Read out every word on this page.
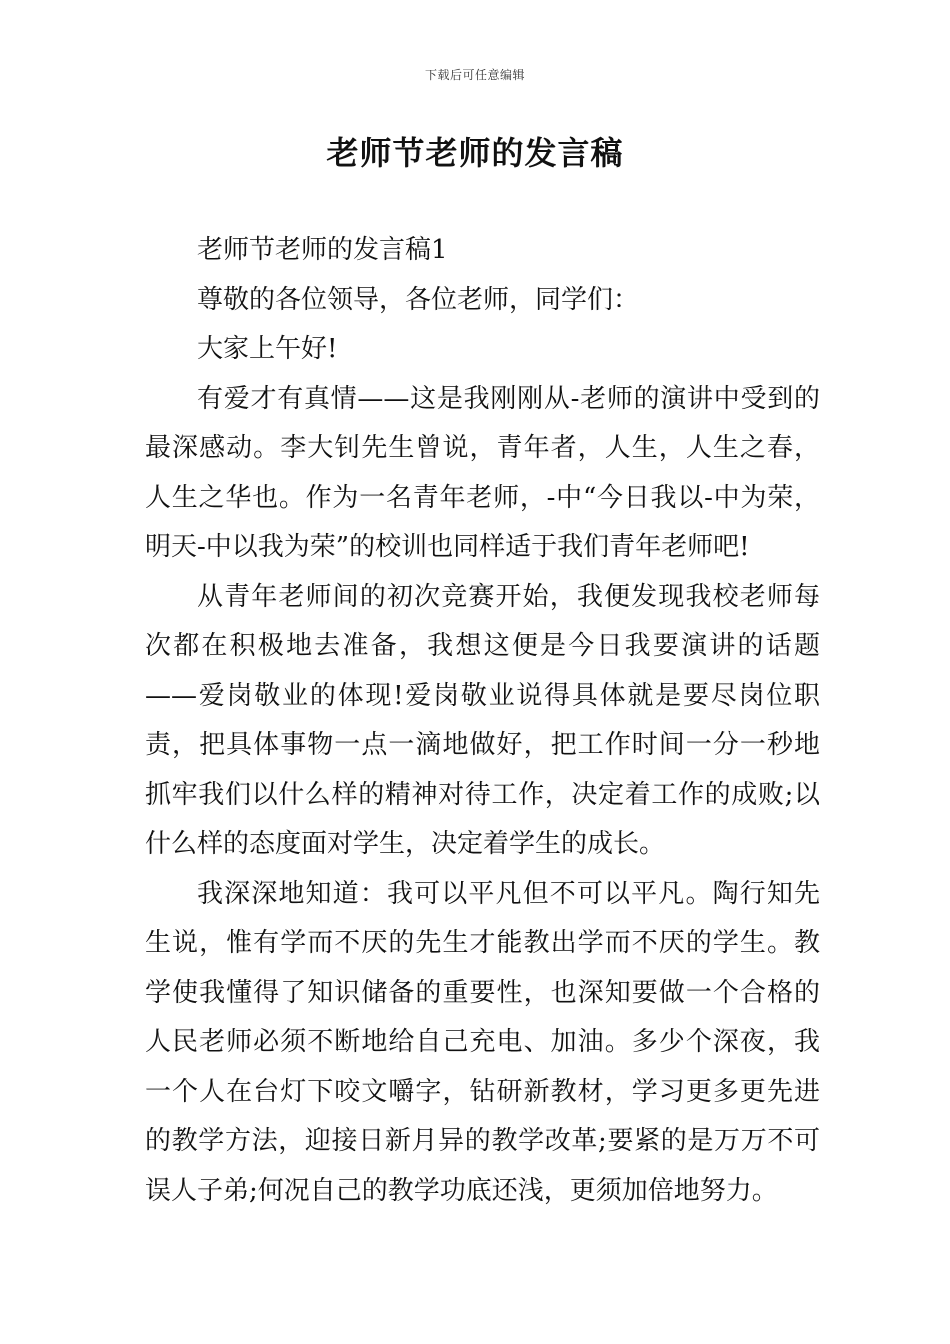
下载后可任意编辑
老师节老师的发言稿

老师节老师的发言稿1

尊敬的各位领导，各位老师，同学们：

大家上午好!

有爱才有真情——这是我刚刚从-老师的演讲中受到的最深感动。李大钊先生曾说，青年者，人生，人生之春，人生之华也。作为一名青年老师，-中“今日我以-中为荣，明天-中以我为荣”的校训也同样适于我们青年老师吧!

从青年老师间的初次竞赛开始，我便发现我校老师每次都在积极地去准备，我想这便是今日我要演讲的话题——爱岗敬业的体现!爱岗敬业说得具体就是要尽岗位职责，把具体事物一点一滴地做好，把工作时间一分一秒地抓牢我们以什么样的精神对待工作，决定着工作的成败;以什么样的态度面对学生，决定着学生的成长。

我深深地知道：我可以平凡但不可以平凡。陶行知先生说，惟有学而不厌的先生才能教出学而不厌的学生。教学使我懂得了知识储备的重要性，也深知要做一个合格的人民老师必须不断地给自己充电、加油。多少个深夜，我一个人在台灯下咬文嚼字，钻研新教材，学习更多更先进的教学方法，迎接日新月异的教学改革;要紧的是万万不可误人子弟;何况自己的教学功底还浅，更须加倍地努力。
